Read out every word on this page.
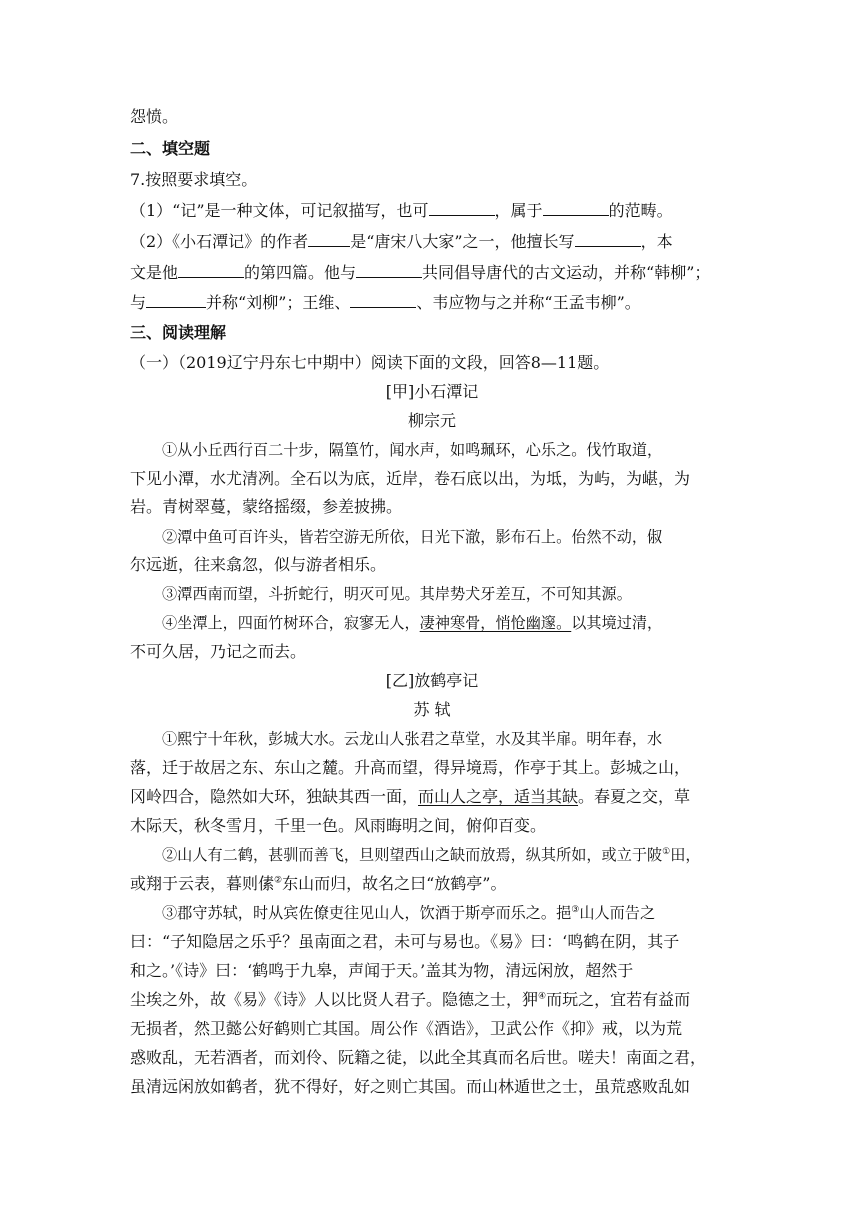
怨愤。
二、填空题
7.按照要求填空。
（1）“记”是一种文体，可记叙描写，也可	，属于	的范畴。
（2）《小石潭记》的作者	是“唐宋八大家”之一，他擅长写	，本
文是他	的第四篇。他与	共同倡导唐代的古文运动，并称“韩柳”；
与	并称“刘柳”；王维、	、韦应物与之并称“王孟韦柳”。
三、阅读理解
（一）（2019辽宁丹东七中期中）阅读下面的文段，回答8—11题。
[甲]小石潭记
柳宗元
①从小丘西行百二十步，隔篁竹，闻水声，如鸣珮环，心乐之。伐竹取道，
下见小潭，水尤清冽。全石以为底，近岸，卷石底以出，为坻，为屿，为嵁，为
岩。青树翠蔓，蒙络摇缀，参差披拂。
②潭中鱼可百许头，皆若空游无所依，日光下澈，影布石上。佁然不动，俶
尔远逝，往来翕忽，似与游者相乐。
③潭西南而望，斗折蛇行，明灭可见。其岸势犬牙差互，不可知其源。
④坐潭上，四面竹树环合，寂寥无人，凄神寒骨，悄怆幽邃。以其境过清，
不可久居，乃记之而去。
[乙]放鹤亭记
苏 轼
①熙宁十年秋，彭城大水。云龙山人张君之草堂，水及其半扉。明年春，水
落，迁于故居之东、东山之麓。升高而望，得异境焉，作亭于其上。彭城之山，
冈岭四合，隐然如大环，独缺其西一面，而山人之亭，适当其缺。春夏之交，草
木际天，秋冬雪月，千里一色。风雨晦明之间，俯仰百变。
②山人有二鹤，甚驯而善飞，旦则望西山之缺而放焉，纵其所如，或立于陂①田，
或翔于云表，暮则傃②东山而归，故名之曰“放鹤亭”。
③郡守苏轼，时从宾佐僚吏往见山人，饮酒于斯亭而乐之。挹③山人而告之
曰：“子知隐居之乐乎？虽南面之君，未可与易也。《易》曰：‘鸣鹤在阴，其子
和之。’《诗》曰：‘鹤鸣于九皋，声闻于天。’盖其为物，清远闲放，超然于
尘埃之外，故《易》《诗》人以比贤人君子。隐德之士，狎④而玩之，宜若有益而
无损者，然卫懿公好鹤则亡其国。周公作《酒诰》，卫武公作《抑》戒，以为荒
惑败乱，无若酒者，而刘伶、阮籍之徒，以此全其真而名后世。嗟夫！南面之君，
虽清远闲放如鹤者，犹不得好，好之则亡其国。而山林遁世之士，虽荒惑败乱如
